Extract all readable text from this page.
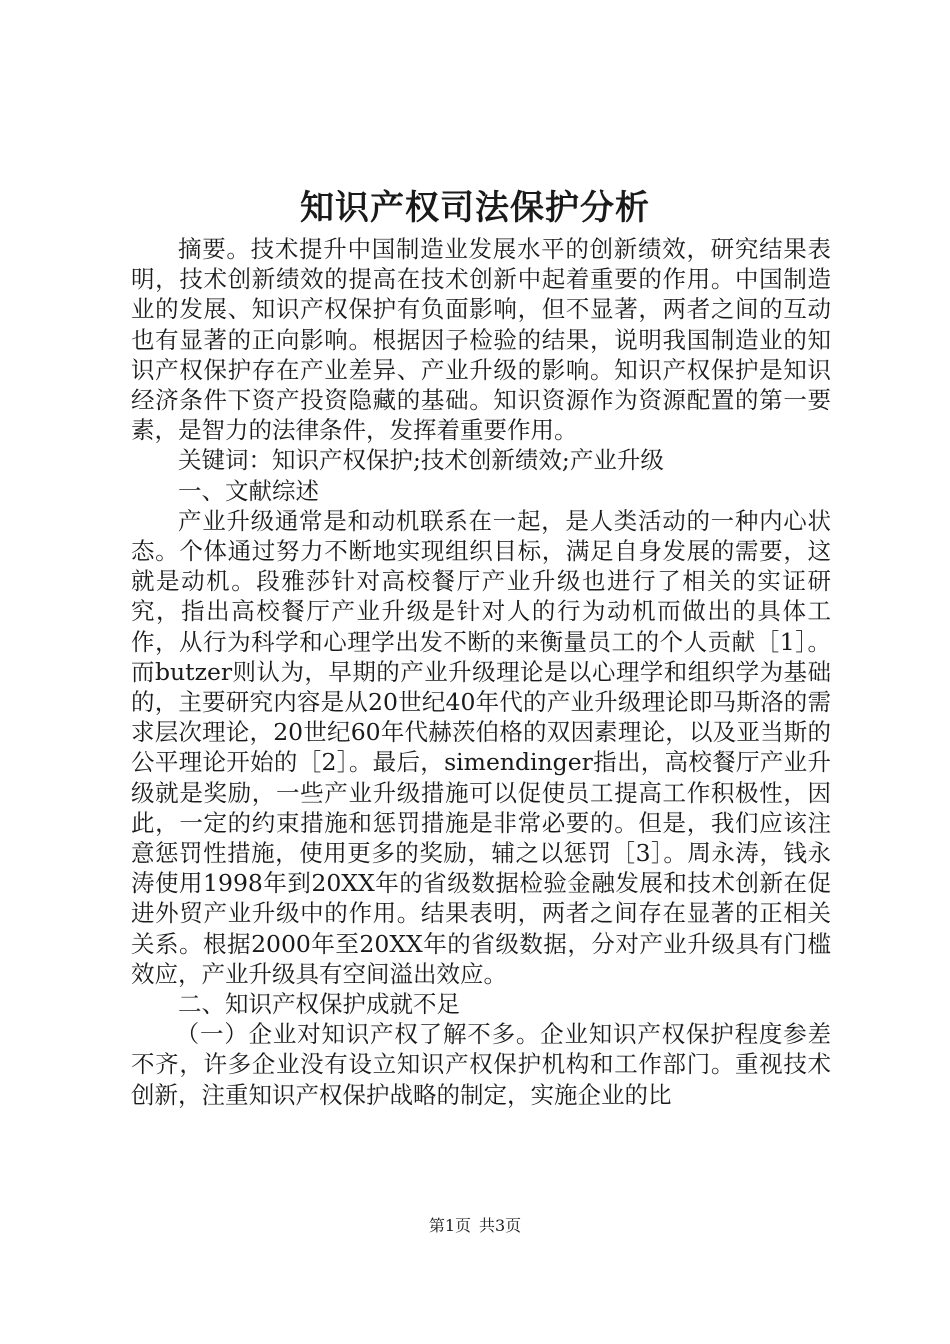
知识产权司法保护分析

摘要。技术提升中国制造业发展水平的创新绩效，研究结果表明，技术创新绩效的提高在技术创新中起着重要的作用。中国制造业的发展、知识产权保护有负面影响，但不显著，两者之间的互动也有显著的正向影响。根据因子检验的结果，说明我国制造业的知识产权保护存在产业差异、产业升级的影响。知识产权保护是知识经济条件下资产投资隐藏的基础。知识资源作为资源配置的第一要素，是智力的法律条件，发挥着重要作用。

关键词：知识产权保护;技术创新绩效;产业升级

一、文献综述

产业升级通常是和动机联系在一起，是人类活动的一种内心状态。个体通过努力不断地实现组织目标，满足自身发展的需要，这就是动机。段雅莎针对高校餐厅产业升级也进行了相关的实证研究，指出高校餐厅产业升级是针对人的行为动机而做出的具体工作，从行为科学和心理学出发不断的来衡量员工的个人贡献［1］。而butzer则认为，早期的产业升级理论是以心理学和组织学为基础的，主要研究内容是从20世纪40年代的产业升级理论即马斯洛的需求层次理论，20世纪60年代赫茨伯格的双因素理论，以及亚当斯的公平理论开始的［2］。最后，simendinger指出，高校餐厅产业升级就是奖励，一些产业升级措施可以促使员工提高工作积极性，因此，一定的约束措施和惩罚措施是非常必要的。但是，我们应该注意惩罚性措施，使用更多的奖励，辅之以惩罚［3］。周永涛，钱永涛使用1998年到20XX年的省级数据检验金融发展和技术创新在促进外贸产业升级中的作用。结果表明，两者之间存在显著的正相关关系。根据2000年至20XX年的省级数据，分对产业升级具有门槛效应，产业升级具有空间溢出效应。

二、知识产权保护成就不足

（一）企业对知识产权了解不多。企业知识产权保护程度参差不齐，许多企业没有设立知识产权保护机构和工作部门。重视技术创新，注重知识产权保护战略的制定，实施企业的比

第1页 共3页
